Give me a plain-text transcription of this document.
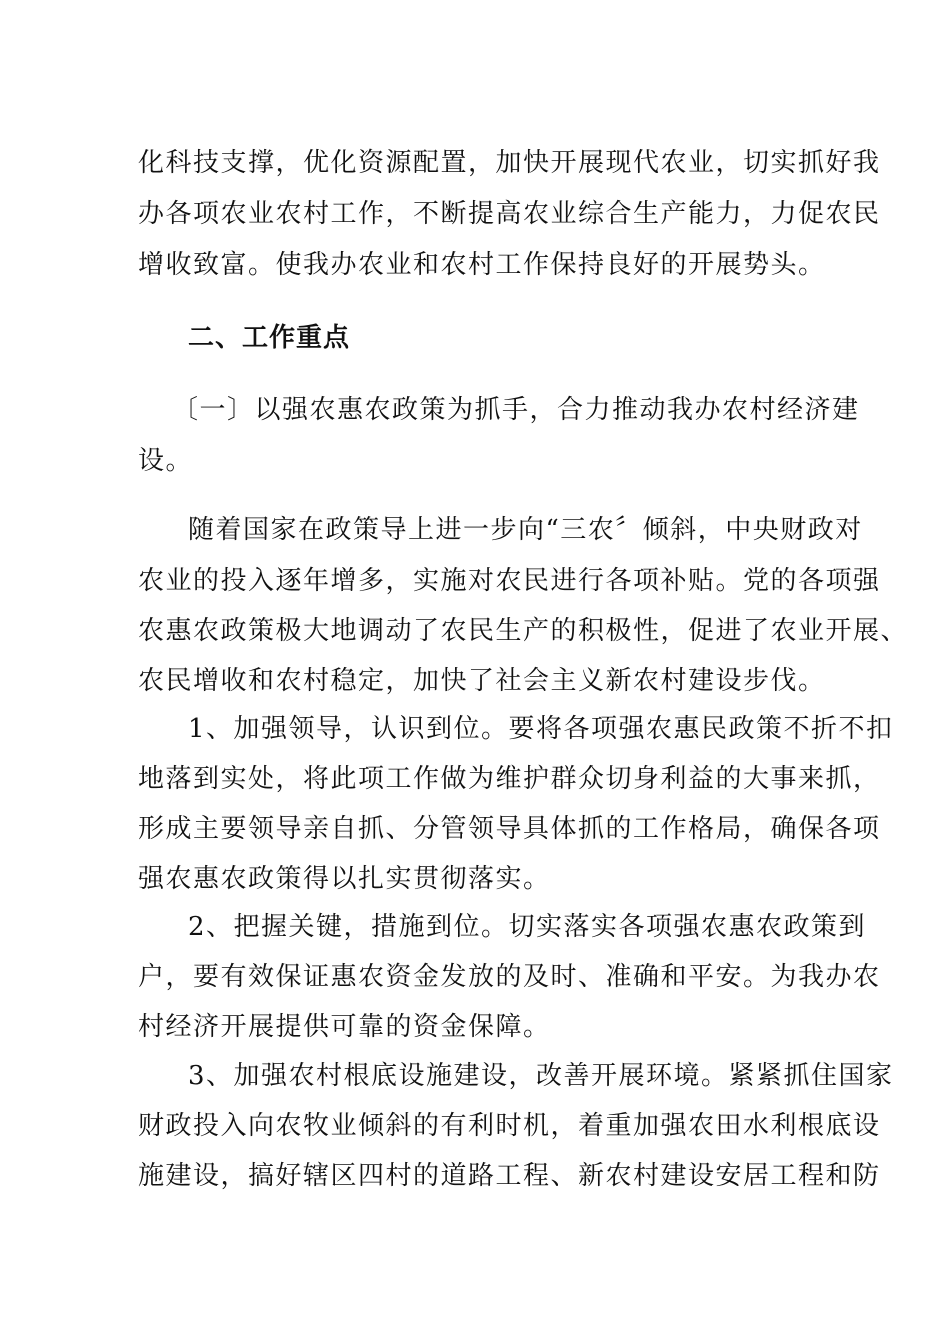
化科技支撑，优化资源配置，加快开展现代农业，切实抓好我
办各项农业农村工作，不断提高农业综合生产能力，力促农民
增收致富。使我办农业和农村工作保持良好的开展势头。
二、工作重点
〔一〕以强农惠农政策为抓手，合力推动我办农村经济建
设。
随着国家在政策导上进一步向“三农〞倾斜，中央财政对
农业的投入逐年增多，实施对农民进行各项补贴。党的各项强
农惠农政策极大地调动了农民生产的积极性，促进了农业开展、
农民增收和农村稳定，加快了社会主义新农村建设步伐。
1、加强领导，认识到位。要将各项强农惠民政策不折不扣
地落到实处，将此项工作做为维护群众切身利益的大事来抓，
形成主要领导亲自抓、分管领导具体抓的工作格局，确保各项
强农惠农政策得以扎实贯彻落实。
2、把握关键，措施到位。切实落实各项强农惠农政策到
户，要有效保证惠农资金发放的及时、准确和平安。为我办农
村经济开展提供可靠的资金保障。
3、加强农村根底设施建设，改善开展环境。紧紧抓住国家
财政投入向农牧业倾斜的有利时机，着重加强农田水利根底设
施建设，搞好辖区四村的道路工程、新农村建设安居工程和防
